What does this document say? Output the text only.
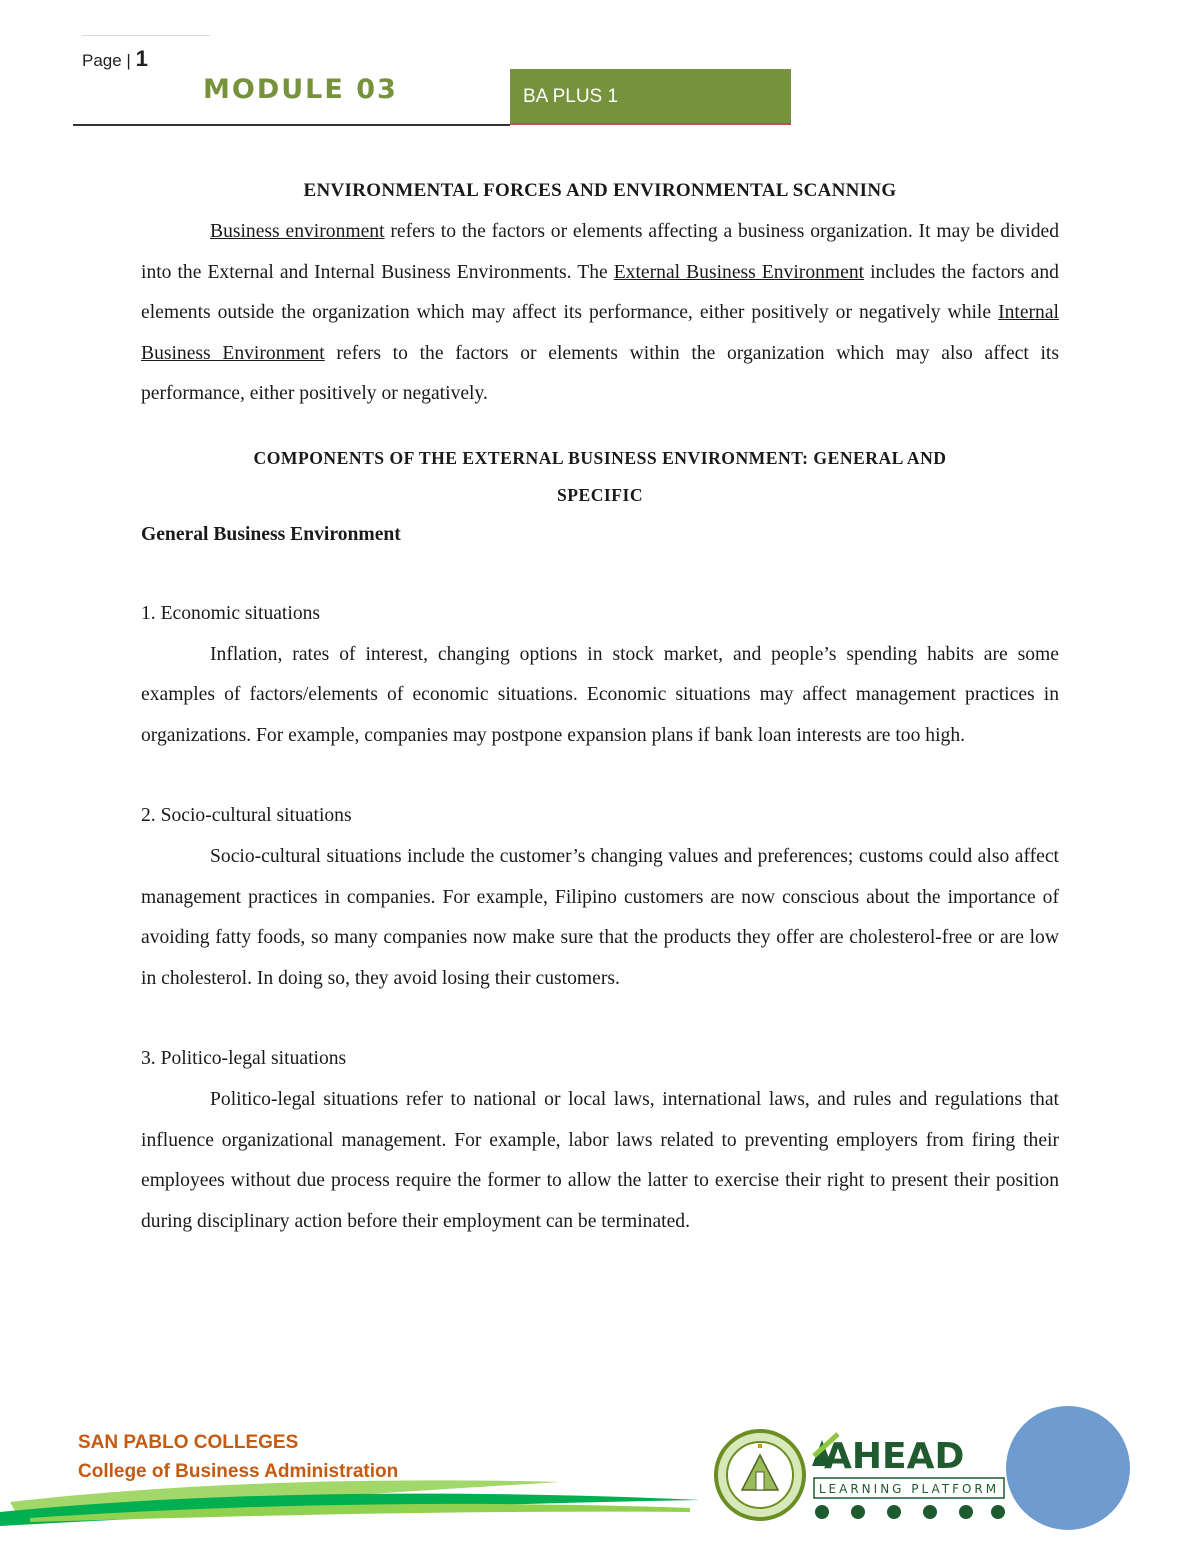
Page | 1
MODULE 03	BA PLUS 1

ENVIRONMENTAL FORCES AND ENVIRONMENTAL SCANNING

Business environment refers to the factors or elements affecting a business organization. It may be divided into the External and Internal Business Environments. The External Business Environment includes the factors and elements outside the organization which may affect its performance, either positively or negatively while Internal Business Environment refers to the factors or elements within the organization which may also affect its performance, either positively or negatively.

COMPONENTS OF THE EXTERNAL BUSINESS ENVIRONMENT: GENERAL AND

SPECIFIC

General Business Environment

1. Economic situations

Inflation, rates of interest, changing options in stock market, and people’s spending habits are some examples of factors/elements of economic situations. Economic situations may affect management practices in organizations. For example, companies may postpone expansion plans if bank loan interests are too high.

2. Socio-cultural situations

Socio-cultural situations include the customer’s changing values and preferences; customs could also affect management practices in companies. For example, Filipino customers are now conscious about the importance of avoiding fatty foods, so many companies now make sure that the products they offer are cholesterol-free or are low in cholesterol. In doing so, they avoid losing their customers.

3. Politico-legal situations

Politico-legal situations refer to national or local laws, international laws, and rules and regulations that influence organizational management. For example, labor laws related to preventing employers from firing their employees without due process require the former to allow the latter to exercise their right to present their position during disciplinary action before their employment can be terminated.

SAN PABLO COLLEGES
College of Business Administration	AHEAD
LEARNING PLATFORM
